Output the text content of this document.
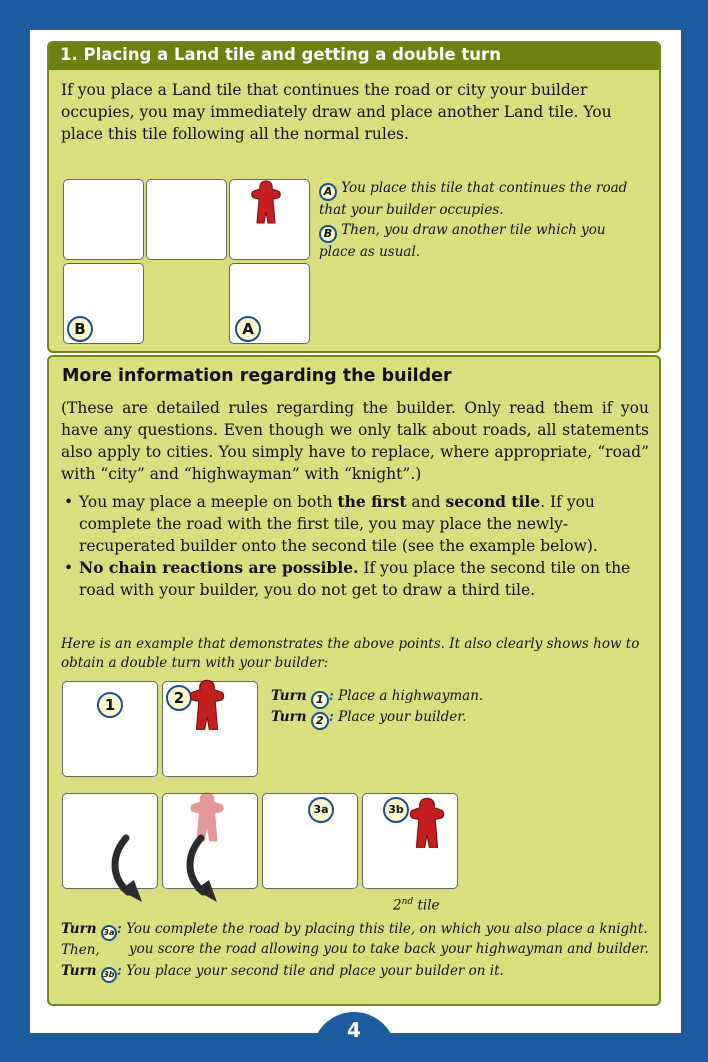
1. Placing a Land tile and getting a double turn

If you place a Land tile that continues the road or city your builder occupies, you may immediately draw and place another Land tile. You place this tile following all the normal rules.

B	A
A You place this tile that continues the road that your builder occupies.
B Then, you draw another tile which you place as usual.
More information regarding the builder

(These are detailed rules regarding the builder. Only read them if you have any questions. Even though we only talk about roads, all statements also apply to cities. You simply have to replace, where appropriate, “road” with “city” and “highwayman” with “knight”.)

• You may place a meeple on both the first and second tile. If you complete the road with the first tile, you may place the newly-recuperated builder onto the second tile (see the example below).
• No chain reactions are possible. If you place the second tile on the road with your builder, you do not get to draw a third tile.

Here is an example that demonstrates the above points. It also clearly shows how to obtain a double turn with your builder:

1	2	Turn 1 : Place a highwayman.
Turn 2 : Place your builder.
3a	3b
2nd tile
Turn 3a : You complete the road by placing this tile, on which you also place a knight. Then,	you score the road allowing you to take back your highwayman and builder.
Turn 3b : You place your second tile and place your builder on it.
4
